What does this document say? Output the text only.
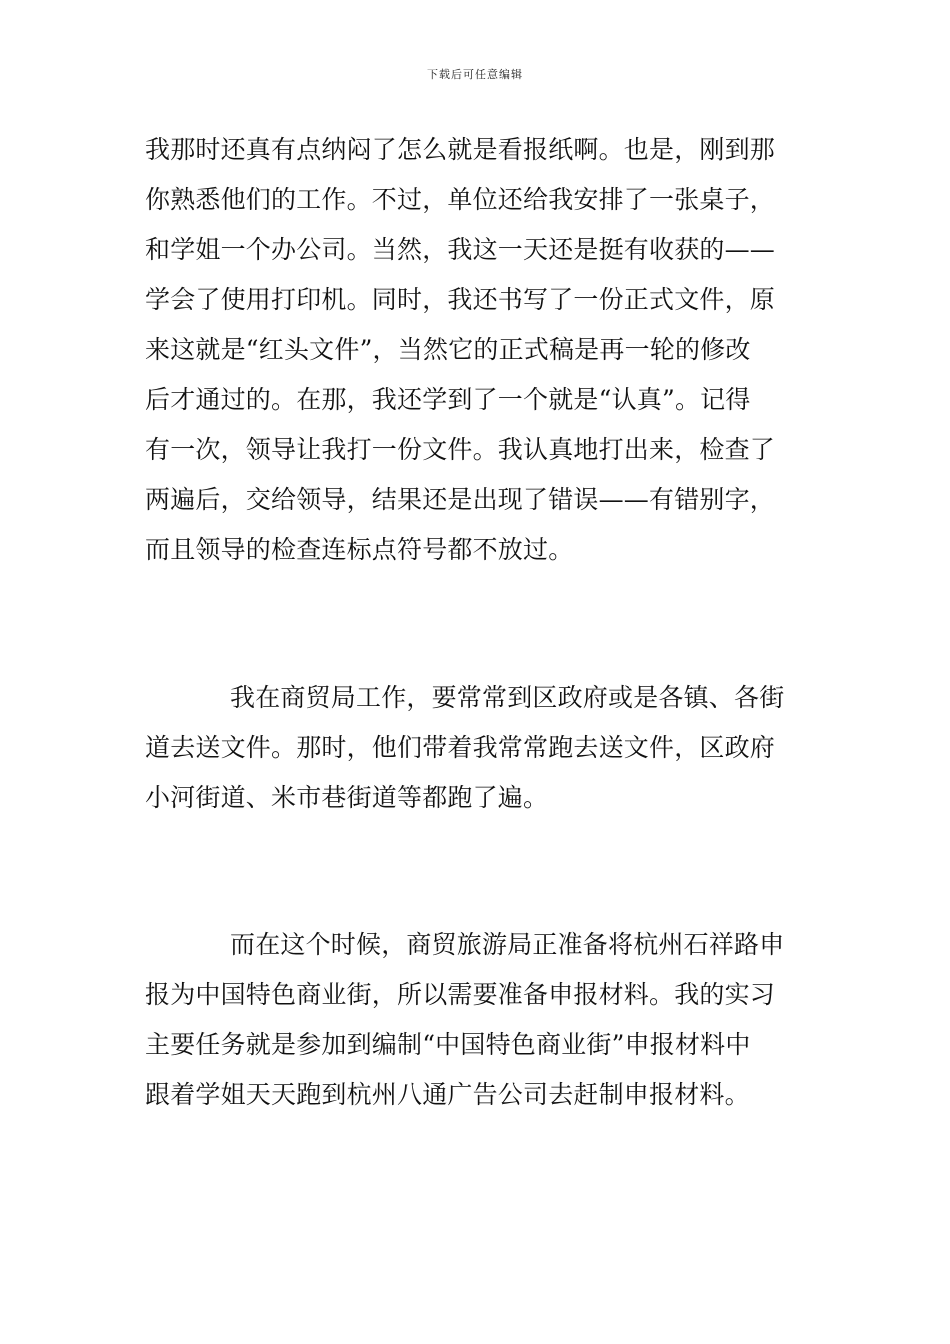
下载后可任意编辑
我那时还真有点纳闷了怎么就是看报纸啊。也是，刚到那
你熟悉他们的工作。不过，单位还给我安排了一张桌子，
和学姐一个办公司。当然，我这一天还是挺有收获的——
学会了使用打印机。同时，我还书写了一份正式文件，原
来这就是“红头文件”，当然它的正式稿是再一轮的修改
后才通过的。在那，我还学到了一个就是“认真”。记得
有一次，领导让我打一份文件。我认真地打出来，检查了
两遍后，交给领导，结果还是出现了错误——有错别字，
而且领导的检查连标点符号都不放过。
我在商贸局工作，要常常到区政府或是各镇、各街
道去送文件。那时，他们带着我常常跑去送文件，区政府
小河街道、米市巷街道等都跑了遍。
而在这个时候，商贸旅游局正准备将杭州石祥路申
报为中国特色商业街，所以需要准备申报材料。我的实习
主要任务就是参加到编制“中国特色商业街”申报材料中
跟着学姐天天跑到杭州八通广告公司去赶制申报材料。
